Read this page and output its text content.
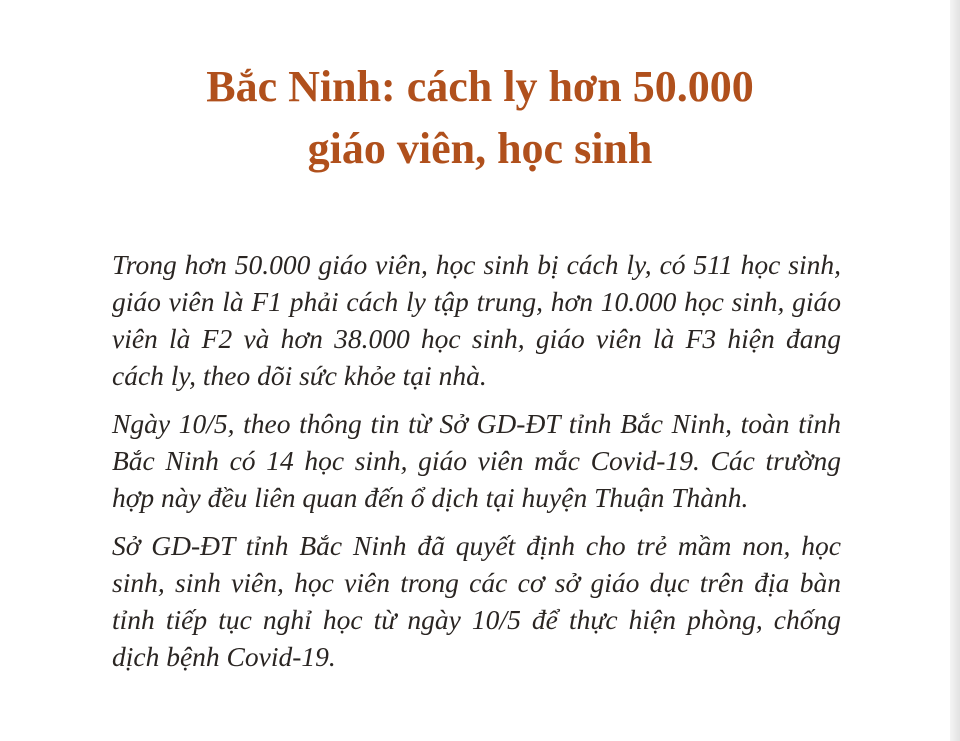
Bắc Ninh: cách ly hơn 50.000
giáo viên, học sinh

Trong hơn 50.000 giáo viên, học sinh bị cách ly, có 511 học sinh, giáo viên là F1 phải cách ly tập trung, hơn 10.000 học sinh, giáo viên là F2 và hơn 38.000 học sinh, giáo viên là F3 hiện đang cách ly, theo dõi sức khỏe tại nhà.

Ngày 10/5, theo thông tin từ Sở GD-ĐT tỉnh Bắc Ninh, toàn tỉnh Bắc Ninh có 14 học sinh, giáo viên mắc Covid-19. Các trường hợp này đều liên quan đến ổ dịch tại huyện Thuận Thành.

Sở GD-ĐT tỉnh Bắc Ninh đã quyết định cho trẻ mầm non, học sinh, sinh viên, học viên trong các cơ sở giáo dục trên địa bàn tỉnh tiếp tục nghỉ học từ ngày 10/5 để thực hiện phòng, chống dịch bệnh Covid-19.
